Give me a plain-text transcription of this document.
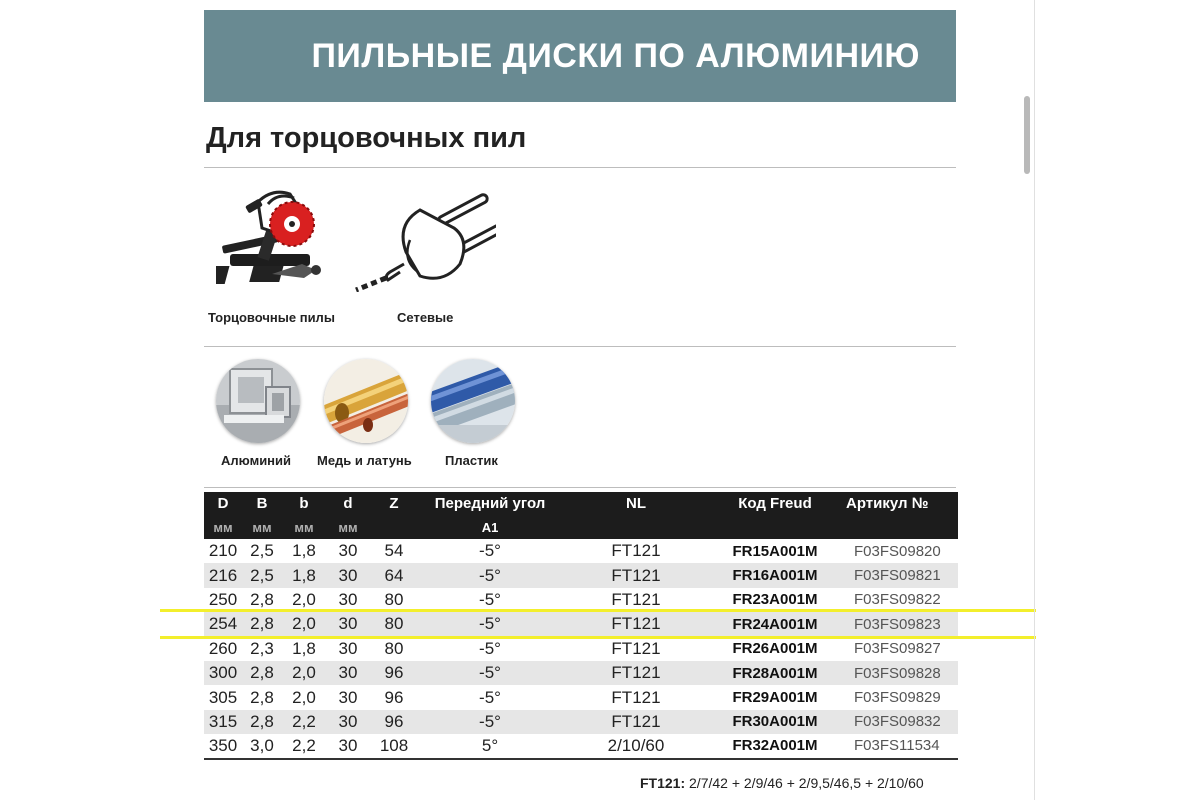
ПИЛЬНЫЕ ДИСКИ ПО АЛЮМИНИЮ
Для торцовочных пил
Торцовочные пилы	Сетевые
Алюминий Медь и латунь	Пластик
D	B	b	d	Z	Передний угол	NL	Код Freud	Артикул №
мм	мм	мм	мм		A1			
210	2,5	1,8	30	54	-5°	FT121	FR15A001M	F03FS09820
216	2,5	1,8	30	64	-5°	FT121	FR16A001M	F03FS09821
250	2,8	2,0	30	80	-5°	FT121	FR23A001M	F03FS09822
254	2,8	2,0	30	80	-5°	FT121	FR24A001M	F03FS09823
260	2,3	1,8	30	80	-5°	FT121	FR26A001M	F03FS09827
300	2,8	2,0	30	96	-5°	FT121	FR28A001M	F03FS09828
305	2,8	2,0	30	96	-5°	FT121	FR29A001M	F03FS09829
315	2,8	2,2	30	96	-5°	FT121	FR30A001M	F03FS09832
350	3,0	2,2	30	108	5°	2/10/60	FR32A001M	F03FS11534
FT121: 2/7/42 + 2/9/46 + 2/9,5/46,5 + 2/10/60
